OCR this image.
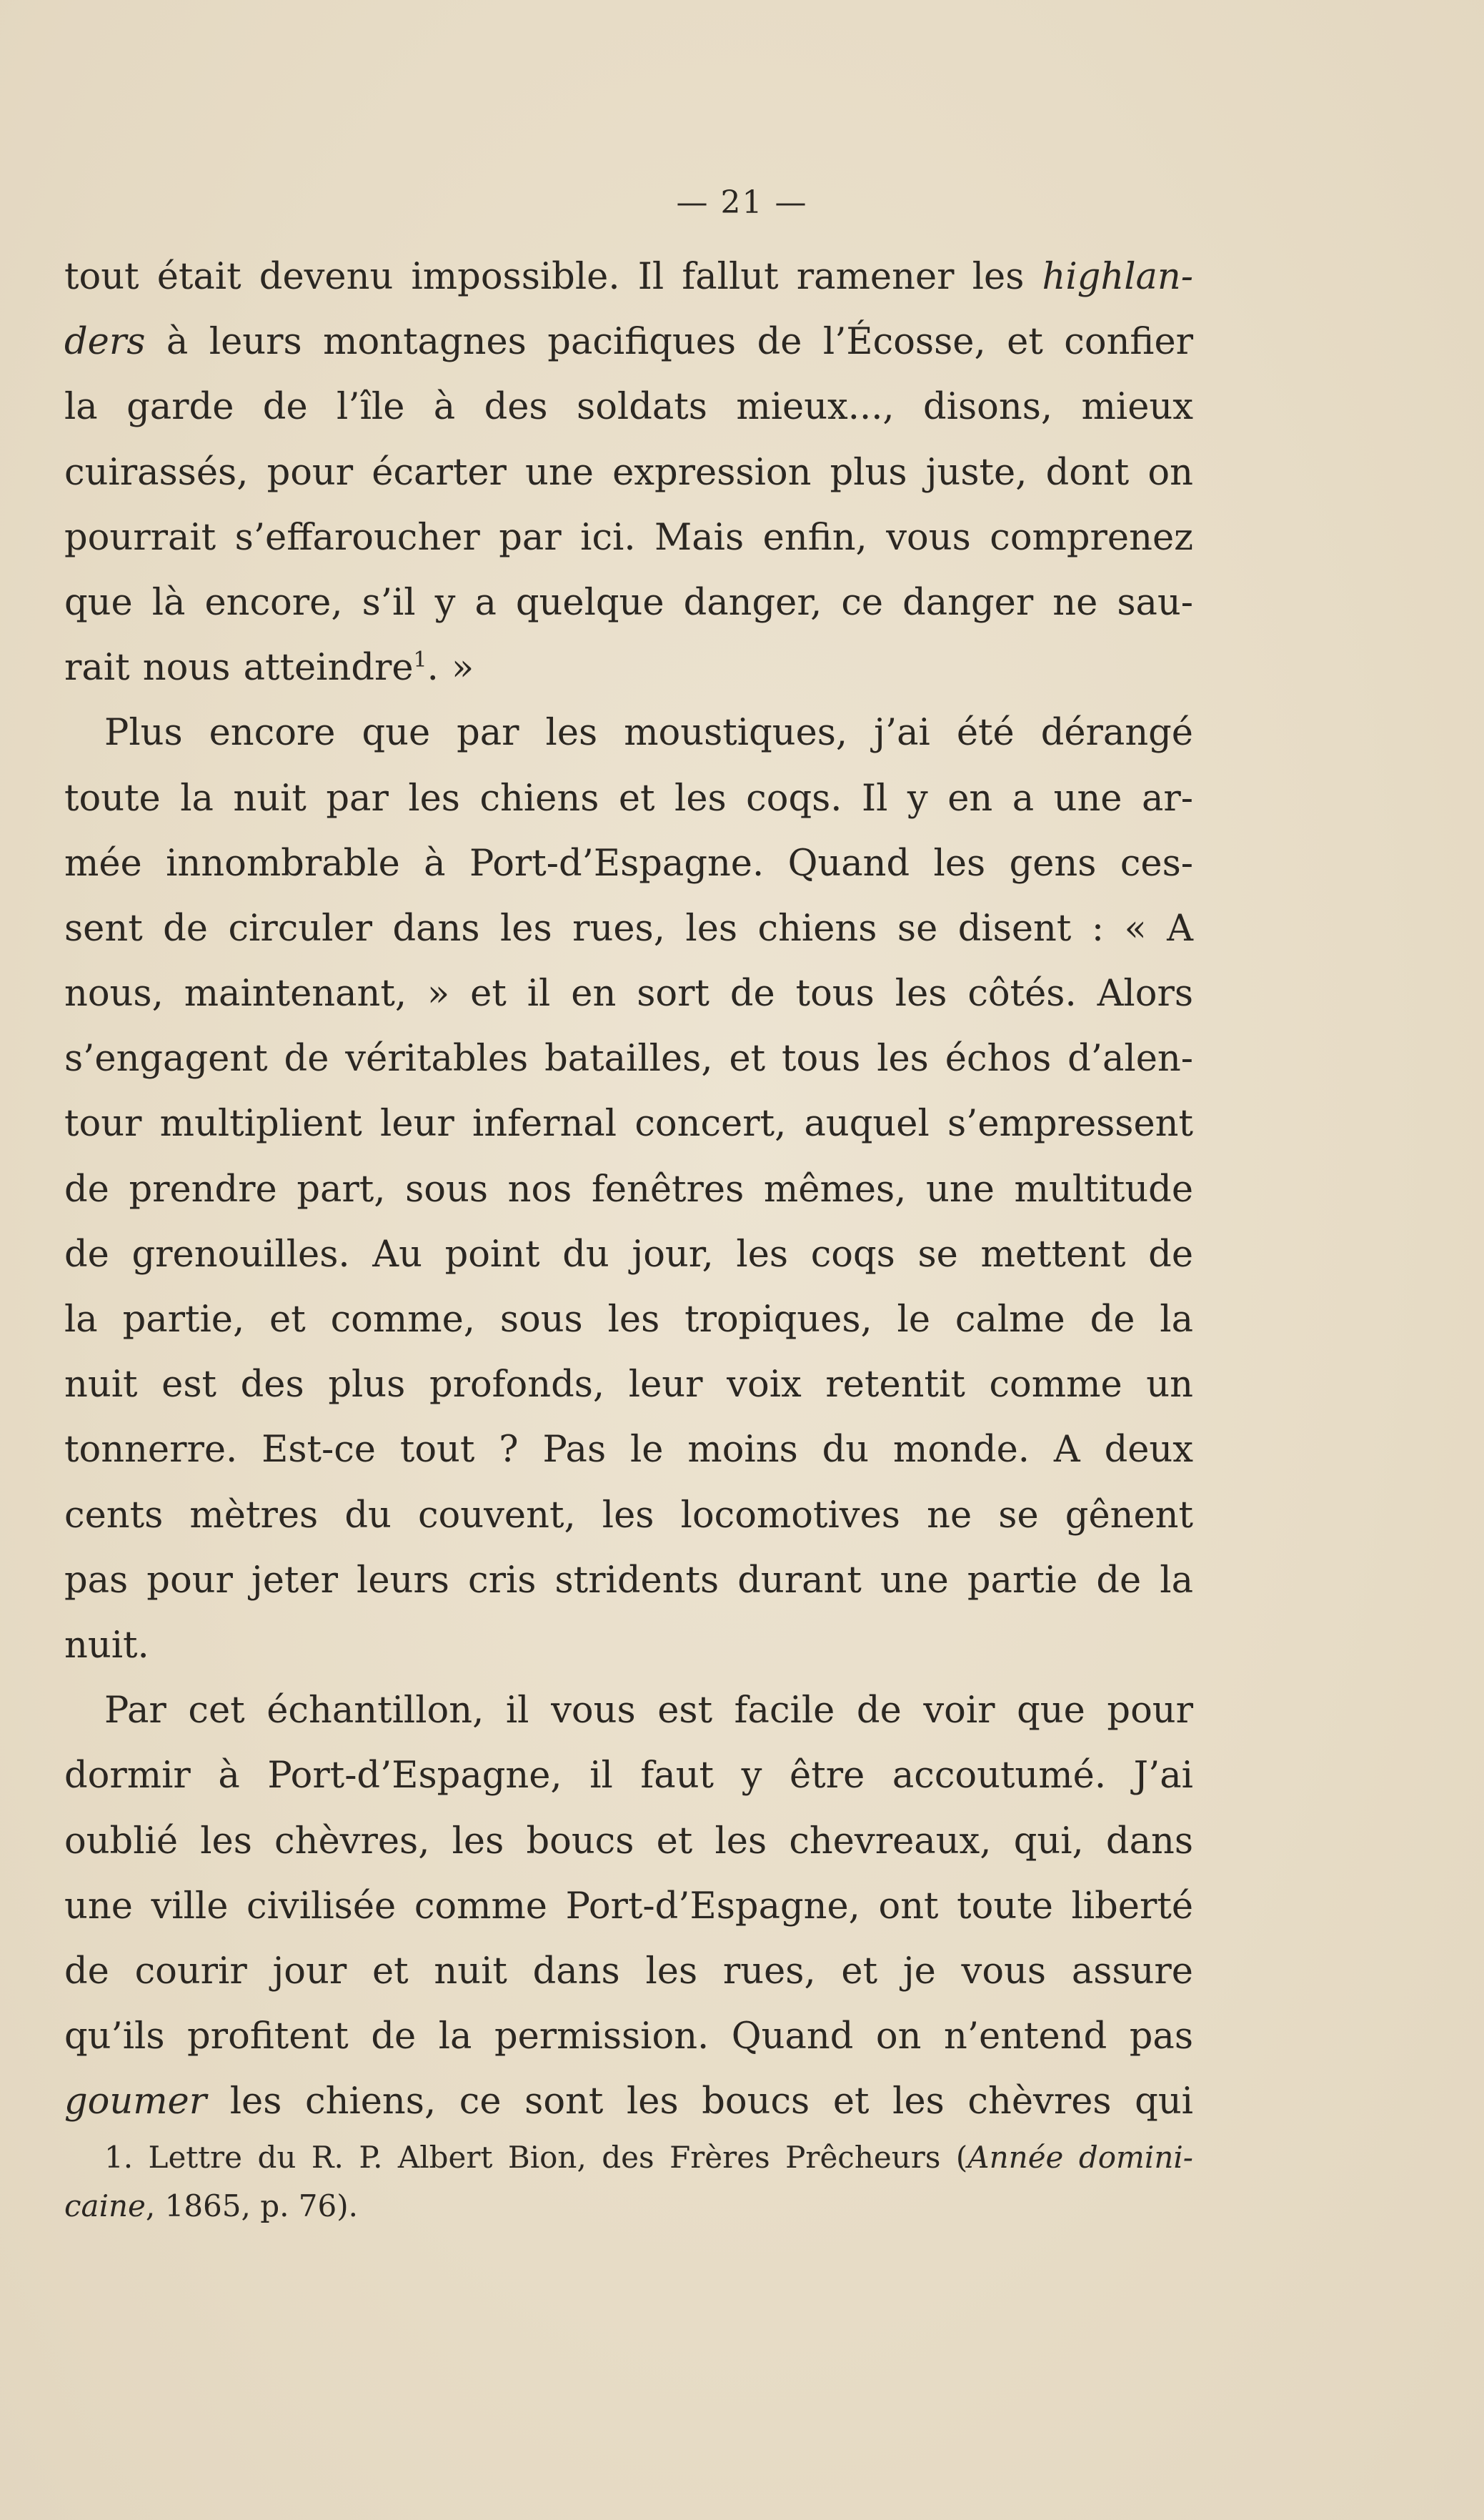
— 21 —
tout était devenu impossible. Il fallut ramener les highlan-
ders à leurs montagnes pacifiques de l’Écosse, et confier
la garde de l’île à des soldats mieux..., disons, mieux
cuirassés, pour écarter une expression plus juste, dont on
pourrait s’effaroucher par ici. Mais enfin, vous comprenez
que là encore, s’il y a quelque danger, ce danger ne sau-
rait nous atteindre$^1$. »
Plus encore que par les moustiques, j’ai été dérangé
toute la nuit par les chiens et les coqs. Il y en a une ar-
mée innombrable à Port-d’Espagne. Quand les gens ces-
sent de circuler dans les rues, les chiens se disent : « A
nous, maintenant, » et il en sort de tous les côtés. Alors
s’engagent de véritables batailles, et tous les échos d’alen-
tour multiplient leur infernal concert, auquel s’empressent
de prendre part, sous nos fenêtres mêmes, une multitude
de grenouilles. Au point du jour, les coqs se mettent de
la partie, et comme, sous les tropiques, le calme de la
nuit est des plus profonds, leur voix retentit comme un
tonnerre. Est-ce tout ? Pas le moins du monde. A deux
cents mètres du couvent, les locomotives ne se gênent
pas pour jeter leurs cris stridents durant une partie de la
nuit.
Par cet échantillon, il vous est facile de voir que pour
dormir à Port-d’Espagne, il faut y être accoutumé. J’ai
oublié les chèvres, les boucs et les chevreaux, qui, dans
une ville civilisée comme Port-d’Espagne, ont toute liberté
de courir jour et nuit dans les rues, et je vous assure
qu’ils profitent de la permission. Quand on n’entend pas
goumer les chiens, ce sont les boucs et les chèvres qui
1. Lettre du R. P. Albert Bion, des Frères Prêcheurs (Année domini-
caine, 1865, p. 76).
